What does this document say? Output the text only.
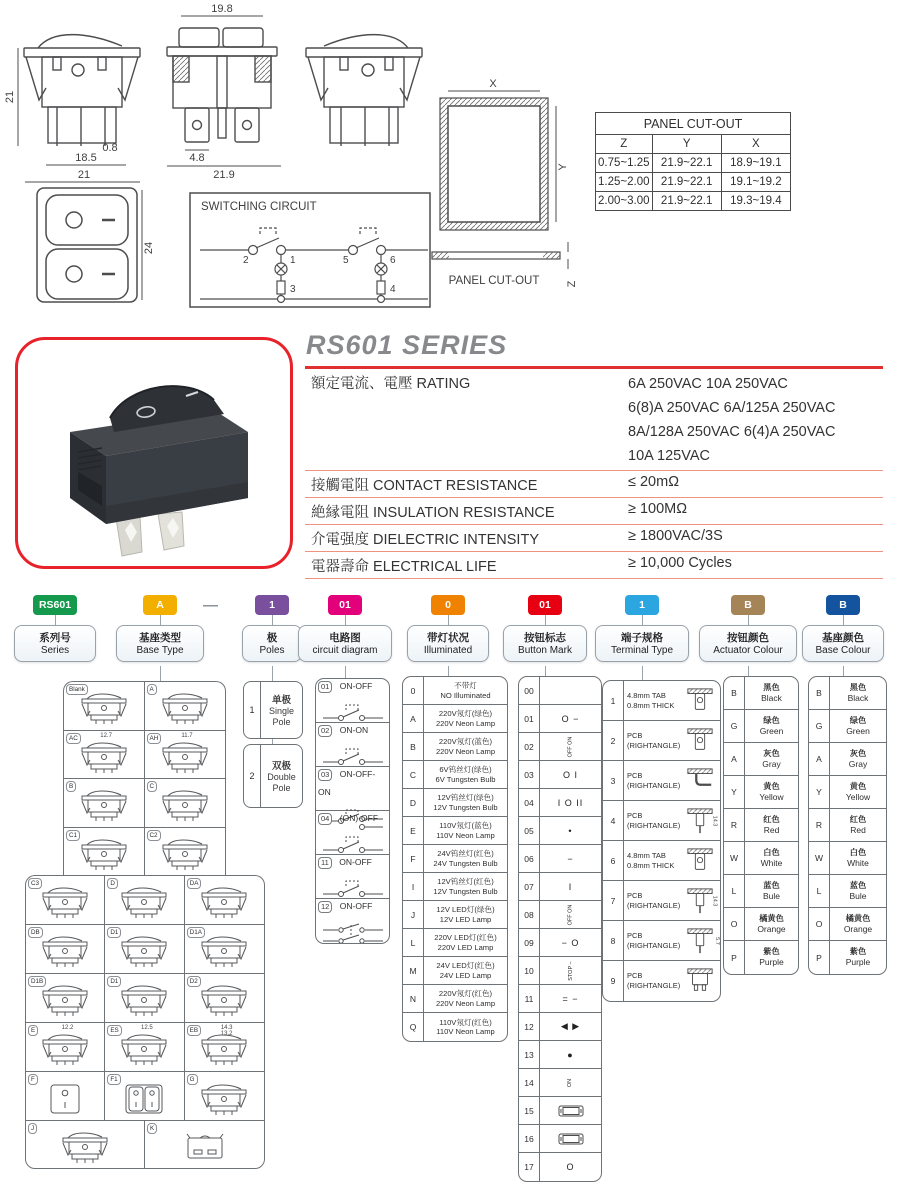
19.8
21
0.8
18.5
21
4.8
21.9
24
SWITCHING CIRCUIT
2	1
3
5	6
4
X
Y
Z
PANEL CUT-OUT
PANEL CUT-OUT		
Z	Y	X
0.75~1.25	21.9~22.1	18.9~19.1
1.25~2.00	21.9~22.1	19.1~19.2
2.00~3.00	21.9~22.1	19.3~19.4
RS601 SERIES
額定電流、電壓 RATING	6A 250VAC 10A 250VAC
6(8)A 250VAC 6A/125A 250VAC
8A/128A 250VAC 6(4)A 250VAC
10A 125VAC
接觸電阻 CONTACT RESISTANCE	≤ 20mΩ
絶縁電阻 INSULATION RESISTANCE	≥ 100MΩ
介電强度 DIELECTRIC INTENSITY	≥ 1800VAC/3S
電器壽命 ELECTRICAL LIFE	≥ 10,000 Cycles
—
RS601
系列号
Series
A
基座类型
Base Type
1
极
Poles
01
电路图
circuit diagram
0
带灯状况
Illuminated
01
按钮标志
Button Mark
1
端子规格
Terminal Type
B
按钮颜色
Actuator Colour
B
基座颜色
Base Colour
Blank	A
AC	12.7	AH	11.7
B	C
C1	C2
C3	D	DA
DB	D1	D1A
D1B	D1	D2
E	12.2	ES	12.5	EB	14.3
13.2
F	F1	G
J	K
1
单极
Single Pole
2
双极
Double Pole
01 $^{ON-OFF}$
02 $^{ON-ON}$
03 $^{ON-OFF-ON}$
04 $^{(ON)-OFF}$
11 $^{ON-OFF}$
12 $^{ON-OFF}$
0	不带灯
NO Illuminated
A	220V氖灯(绿色)
220V Neon Lamp
B	220V氖灯(蓝色)
220V Neon Lamp
C	6V钨丝灯(绿色)
6V Tungsten Bulb
D	12V钨丝灯(绿色)
12V Tungsten Bulb
E	110V氖灯(蓝色)
110V Neon Lamp
F	24V钨丝灯(红色)
24V Tungsten Bulb
I	12V钨丝灯(红色)
12V Tungsten Bulb
J	12V LED灯(绿色)
12V LED Lamp
L	220V LED灯(红色)
220V LED Lamp
M	24V LED灯(红色)
24V LED Lamp
N	220V氖灯(红色)
220V Neon Lamp
Q	110V氖灯(红色)
110V Neon Lamp
00
01	O −
02	OFF ON
03	O I
04	I O II
05	•
06	−
07	I
08	OFF ON
09	− O
10	STOP −
11	= −
12	◀ ▶
13	●
14	ON
15
16
17	O
1
4.8mm TAB
0.8mm THICK
2
PCB
(RIGHTANGLE)
3
PCB
(RIGHTANGLE)
4
PCB
(RIGHTANGLE)	14.3
6
4.8mm TAB
0.8mm THICK
7
PCB
(RIGHTANGLE)	14.3
8
PCB
(RIGHTANGLE)	5.7
9
PCB
(RIGHTANGLE)
B
黑色
Black
G
绿色
Green
A
灰色
Gray
Y
黄色
Yellow
R
红色
Red
W
白色
White
L
蓝色
Bule
O
橘黄色
Orange
P
紫色
Purple
B
黑色
Black
G
绿色
Green
A
灰色
Gray
Y
黄色
Yellow
R
红色
Red
W
白色
White
L
蓝色
Bule
O
橘黄色
Orange
P
紫色
Purple
